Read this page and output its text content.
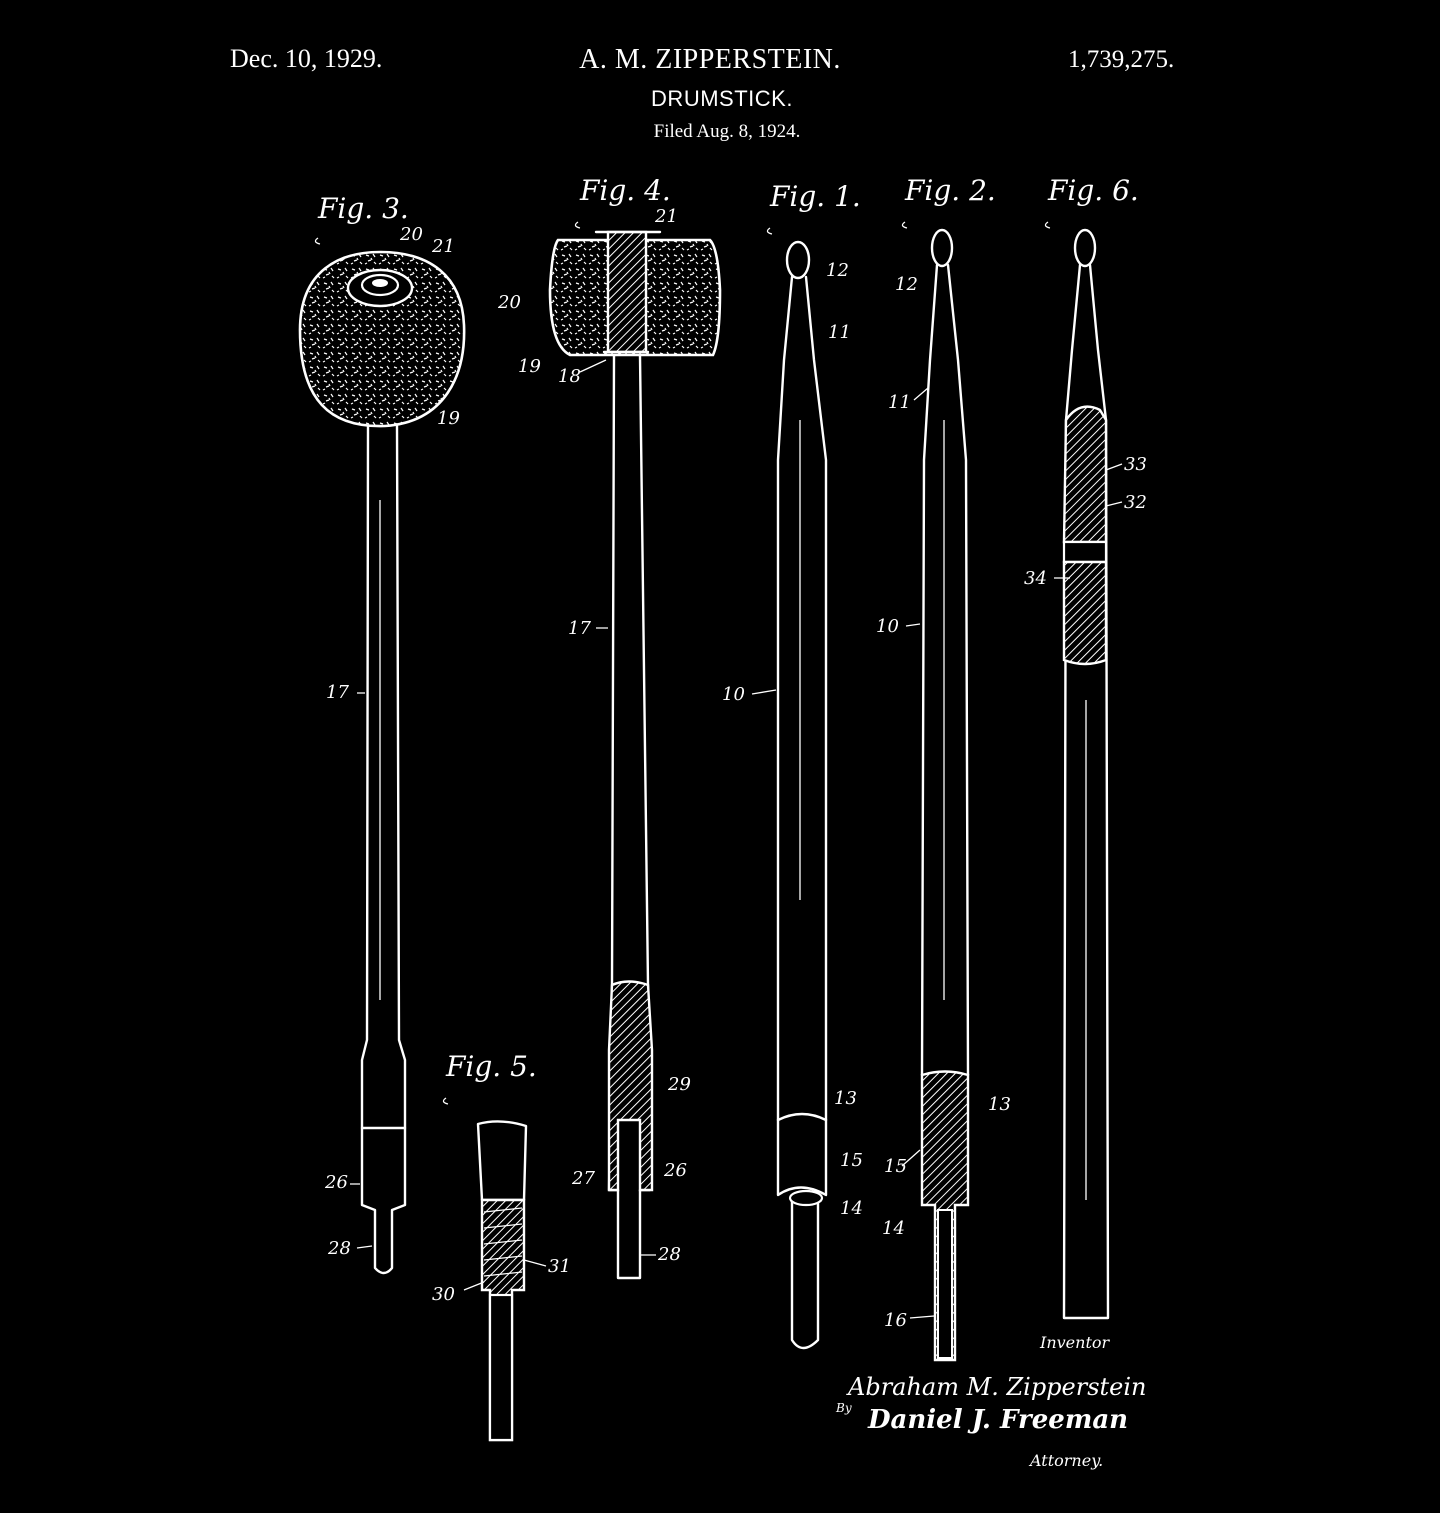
Dec. 10, 1929.	A. M. ZIPPERSTEIN.	1,739,275.
DRUMSTICK.
Filed Aug. 8, 1924.
Fig. 3.
20
21
19
17
26
28
Fig. 4.
21
20
19 18
17
29
27	26
28
Fig. 1.
12
11
10
13
15
14
Fig. 2.
12
11
10
13
15
14
16
Fig. 6.
33
32
34
Fig. 5.
30
31
Inventor
Abraham M. Zipperstein
By Daniel J. Freeman
Attorney.
